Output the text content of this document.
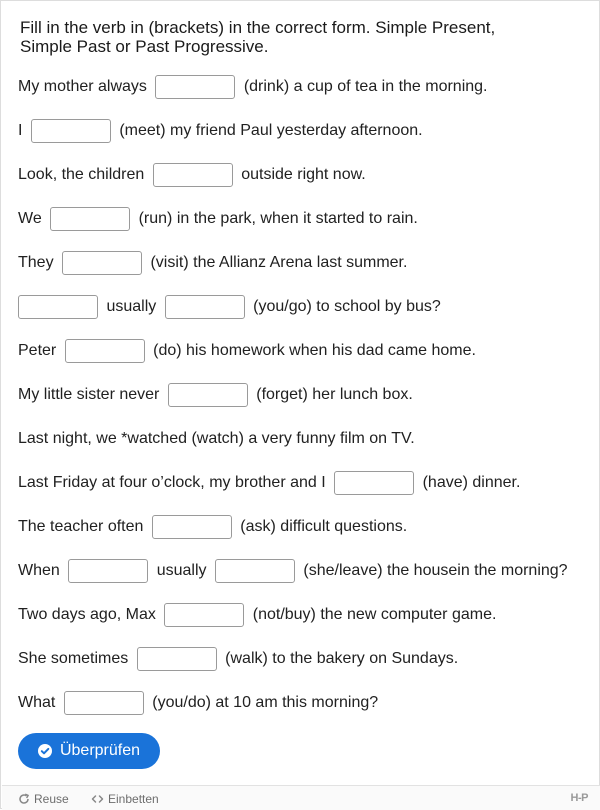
Fill in the verb in (brackets) in the correct form. Simple Present,

Simple Past or Past Progressive.

My mother always	(drink) a cup of tea in the morning.
I	(meet) my friend Paul yesterday afternoon.
Look, the children	outside right now.
We	(run) in the park, when it started to rain.
They	(visit) the Allianz Arena last summer.
usually	(you/go) to school by bus?
Peter	(do) his homework when his dad came home.
My little sister never	(forget) her lunch box.
Last night, we *watched (watch) a very funny film on TV.
Last Friday at four o’clock, my brother and I	(have) dinner.
The teacher often	(ask) difficult questions.
When	usually	(she/leave) the housein the morning?
Two days ago, Max	(not/buy) the new computer game.
She sometimes	(walk) to the bakery on Sundays.
What	(you/do) at 10 am this morning?
Überprüfen
Reuse	Einbetten	H-P
